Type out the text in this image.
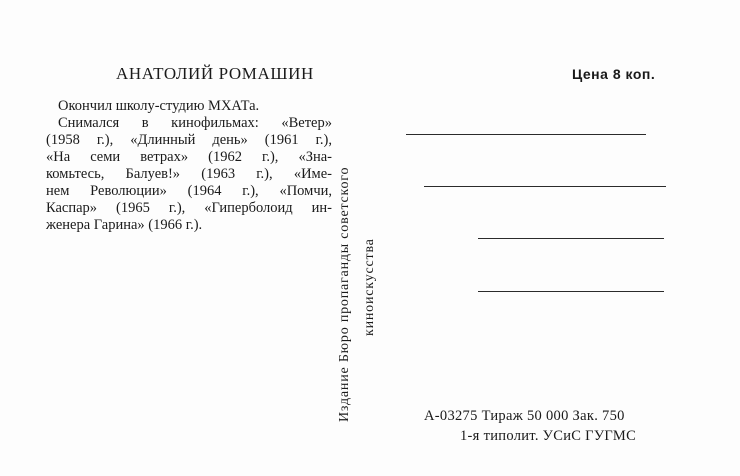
АНАТОЛИЙ РОМАШИН
Окончил школу-студию МХАТа.
Снимался в кинофильмах: «Ветер»
(1958 г.), «Длинный день» (1961 г.),
«На семи ветрах» (1962 г.), «Зна-
комьтесь, Балуев!» (1963 г.), «Име-
нем Революции» (1964 г.), «Помчи,
Каспар» (1965 г.), «Гиперболоид ин-
женера Гарина» (1966 г.).	Издание Бюро пропаганды советского киноискусства
Цена 8 коп.
А-03275 Тираж 50 000 Зак. 750
1-я типолит. УСиС ГУГМС
